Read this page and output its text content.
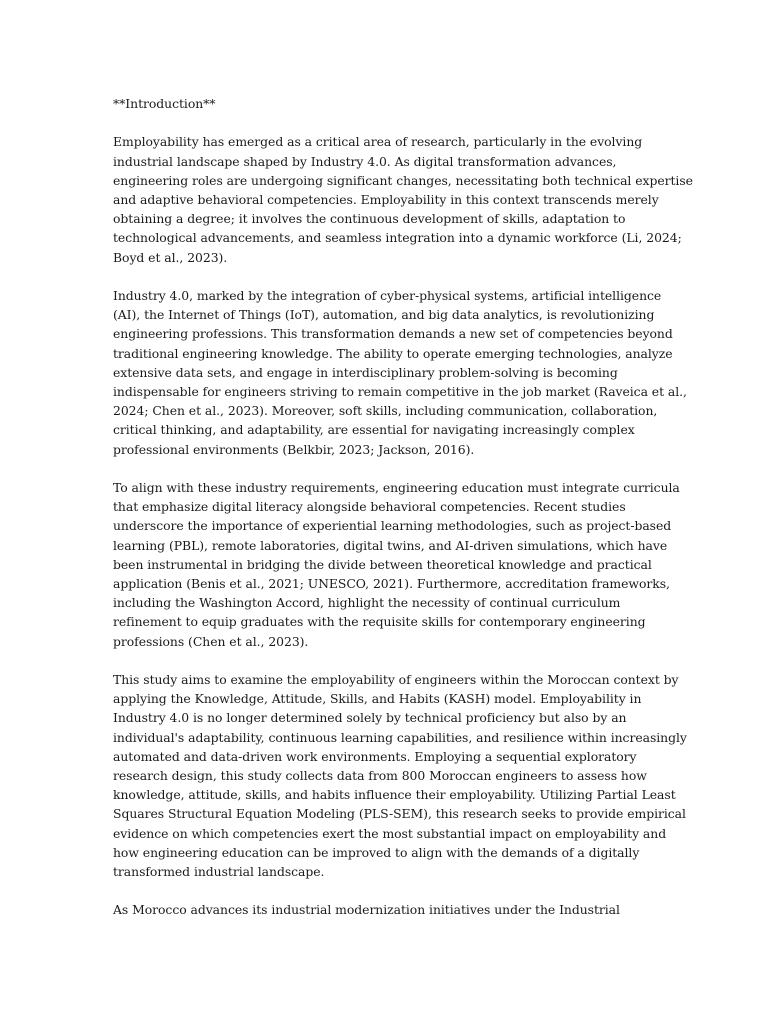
**Introduction**
Employability has emerged as a critical area of research, particularly in the evolving
industrial landscape shaped by Industry 4.0. As digital transformation advances,
engineering roles are undergoing significant changes, necessitating both technical expertise
and adaptive behavioral competencies. Employability in this context transcends merely
obtaining a degree; it involves the continuous development of skills, adaptation to
technological advancements, and seamless integration into a dynamic workforce (Li, 2024;
Boyd et al., 2023).
Industry 4.0, marked by the integration of cyber-physical systems, artificial intelligence
(AI), the Internet of Things (IoT), automation, and big data analytics, is revolutionizing
engineering professions. This transformation demands a new set of competencies beyond
traditional engineering knowledge. The ability to operate emerging technologies, analyze
extensive data sets, and engage in interdisciplinary problem-solving is becoming
indispensable for engineers striving to remain competitive in the job market (Raveica et al.,
2024; Chen et al., 2023). Moreover, soft skills, including communication, collaboration,
critical thinking, and adaptability, are essential for navigating increasingly complex
professional environments (Belkbir, 2023; Jackson, 2016).
To align with these industry requirements, engineering education must integrate curricula
that emphasize digital literacy alongside behavioral competencies. Recent studies
underscore the importance of experiential learning methodologies, such as project-based
learning (PBL), remote laboratories, digital twins, and AI-driven simulations, which have
been instrumental in bridging the divide between theoretical knowledge and practical
application (Benis et al., 2021; UNESCO, 2021). Furthermore, accreditation frameworks,
including the Washington Accord, highlight the necessity of continual curriculum
refinement to equip graduates with the requisite skills for contemporary engineering
professions (Chen et al., 2023).
This study aims to examine the employability of engineers within the Moroccan context by
applying the Knowledge, Attitude, Skills, and Habits (KASH) model. Employability in
Industry 4.0 is no longer determined solely by technical proficiency but also by an
individual's adaptability, continuous learning capabilities, and resilience within increasingly
automated and data-driven work environments. Employing a sequential exploratory
research design, this study collects data from 800 Moroccan engineers to assess how
knowledge, attitude, skills, and habits influence their employability. Utilizing Partial Least
Squares Structural Equation Modeling (PLS-SEM), this research seeks to provide empirical
evidence on which competencies exert the most substantial impact on employability and
how engineering education can be improved to align with the demands of a digitally
transformed industrial landscape.
As Morocco advances its industrial modernization initiatives under the Industrial
